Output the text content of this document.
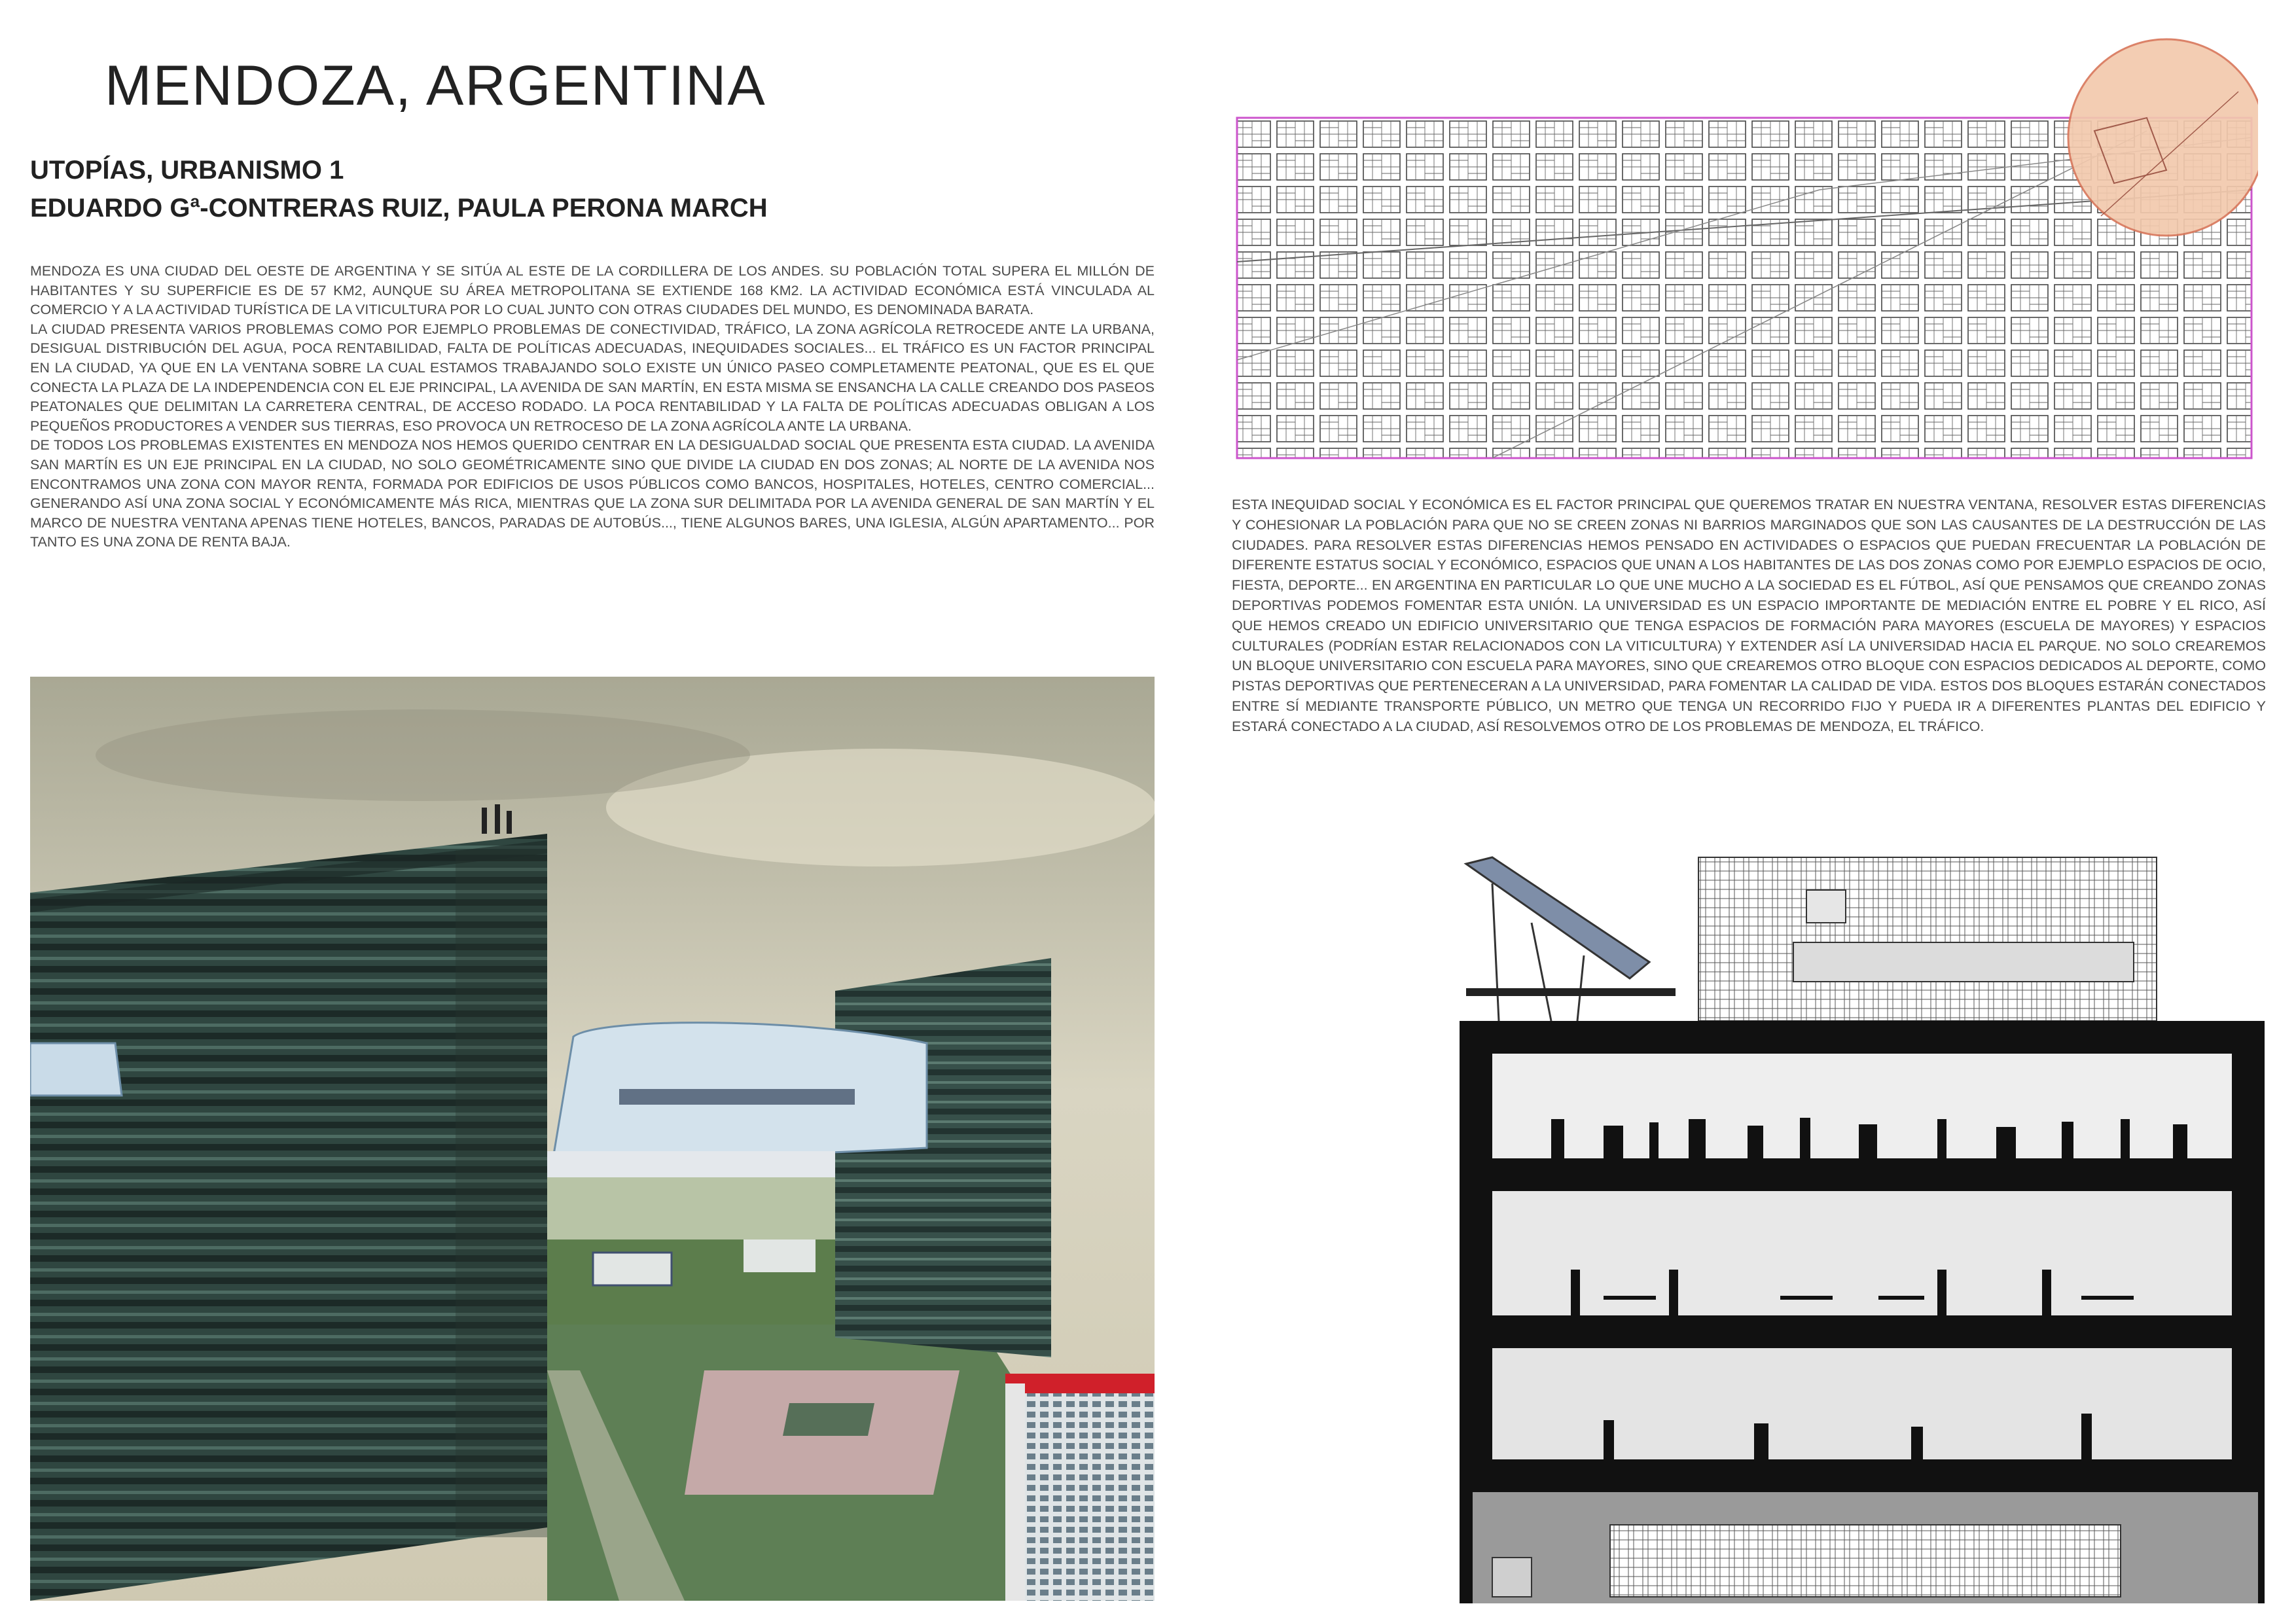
MENDOZA, ARGENTINA
UTOPÍAS, URBANISMO 1
EDUARDO Gª-CONTRERAS RUIZ, PAULA PERONA MARCH

MENDOZA ES UNA CIUDAD DEL OESTE DE ARGENTINA Y SE SITÚA AL ESTE DE LA CORDILLERA DE LOS ANDES. SU POBLACIÓN TOTAL SUPERA EL MILLÓN DE HABITANTES Y SU SUPERFICIE ES DE 57 KM2, AUNQUE SU ÁREA METROPOLITANA SE EXTIENDE 168 KM2. LA ACTIVIDAD ECONÓMICA ESTÁ VINCULADA AL COMERCIO Y A LA ACTIVIDAD TURÍSTICA DE LA VITICULTURA POR LO CUAL JUNTO CON OTRAS CIUDADES DEL MUNDO, ES DENOMINADA BARATA.

LA CIUDAD PRESENTA VARIOS PROBLEMAS COMO POR EJEMPLO PROBLEMAS DE CONECTIVIDAD, TRÁFICO, LA ZONA AGRÍCOLA RETROCEDE ANTE LA URBANA, DESIGUAL DISTRIBUCIÓN DEL AGUA, POCA RENTABILIDAD, FALTA DE POLÍTICAS ADECUADAS, INEQUIDADES SOCIALES... EL TRÁFICO ES UN FACTOR PRINCIPAL EN LA CIUDAD, YA QUE EN LA VENTANA SOBRE LA CUAL ESTAMOS TRABAJANDO SOLO EXISTE UN ÚNICO PASEO COMPLETAMENTE PEATONAL, QUE ES EL QUE CONECTA LA PLAZA DE LA INDEPENDENCIA CON EL EJE PRINCIPAL, LA AVENIDA DE SAN MARTÍN, EN ESTA MISMA SE ENSANCHA LA CALLE CREANDO DOS PASEOS PEATONALES QUE DELIMITAN LA CARRETERA CENTRAL, DE ACCESO RODADO. LA POCA RENTABILIDAD Y LA FALTA DE POLÍTICAS ADECUADAS OBLIGAN A LOS PEQUEÑOS PRODUCTORES A VENDER SUS TIERRAS, ESO PROVOCA UN RETROCESO DE LA ZONA AGRÍCOLA ANTE LA URBANA.

DE TODOS LOS PROBLEMAS EXISTENTES EN MENDOZA NOS HEMOS QUERIDO CENTRAR EN LA DESIGUALDAD SOCIAL QUE PRESENTA ESTA CIUDAD. LA AVENIDA SAN MARTÍN ES UN EJE PRINCIPAL EN LA CIUDAD, NO SOLO GEOMÉTRICAMENTE SINO QUE DIVIDE LA CIUDAD EN DOS ZONAS; AL NORTE DE LA AVENIDA NOS ENCONTRAMOS UNA ZONA CON MAYOR RENTA, FORMADA POR EDIFICIOS DE USOS PÚBLICOS COMO BANCOS, HOSPITALES, HOTELES, CENTRO COMERCIAL... GENERANDO ASÍ UNA ZONA SOCIAL Y ECONÓMICAMENTE MÁS RICA, MIENTRAS QUE LA ZONA SUR DELIMITADA POR LA AVENIDA GENERAL DE SAN MARTÍN Y EL MARCO DE NUESTRA VENTANA APENAS TIENE HOTELES, BANCOS, PARADAS DE AUTOBÚS..., TIENE ALGUNOS BARES, UNA IGLESIA, ALGÚN APARTAMENTO... POR TANTO ES UNA ZONA DE RENTA BAJA.

ESTA INEQUIDAD SOCIAL Y ECONÓMICA ES EL FACTOR PRINCIPAL QUE QUEREMOS TRATAR EN NUESTRA VENTANA, RESOLVER ESTAS DIFERENCIAS Y COHESIONAR LA POBLACIÓN PARA QUE NO SE CREEN ZONAS NI BARRIOS MARGINADOS QUE SON LAS CAUSANTES DE LA DESTRUCCIÓN DE LAS CIUDADES. PARA RESOLVER ESTAS DIFERENCIAS HEMOS PENSADO EN ACTIVIDADES O ESPACIOS QUE PUEDAN FRECUENTAR LA POBLACIÓN DE DIFERENTE ESTATUS SOCIAL Y ECONÓMICO, ESPACIOS QUE UNAN A LOS HABITANTES DE LAS DOS ZONAS COMO POR EJEMPLO ESPACIOS DE OCIO, FIESTA, DEPORTE... EN ARGENTINA EN PARTICULAR LO QUE UNE MUCHO A LA SOCIEDAD ES EL FÚTBOL, ASÍ QUE PENSAMOS QUE CREANDO ZONAS DEPORTIVAS PODEMOS FOMENTAR ESTA UNIÓN. LA UNIVERSIDAD ES UN ESPACIO IMPORTANTE DE MEDIACIÓN ENTRE EL POBRE Y EL RICO, ASÍ QUE HEMOS CREADO UN EDIFICIO UNIVERSITARIO QUE TENGA ESPACIOS DE FORMACIÓN PARA MAYORES (ESCUELA DE MAYORES) Y ESPACIOS CULTURALES (PODRÍAN ESTAR RELACIONADOS CON LA VITICULTURA) Y EXTENDER ASÍ LA UNIVERSIDAD HACIA EL PARQUE. NO SOLO CREAREMOS UN BLOQUE UNIVERSITARIO CON ESCUELA PARA MAYORES, SINO QUE CREAREMOS OTRO BLOQUE CON ESPACIOS DEDICADOS AL DEPORTE, COMO PISTAS DEPORTIVAS QUE PERTENECERAN A LA UNIVERSIDAD, PARA FOMENTAR LA CALIDAD DE VIDA. ESTOS DOS BLOQUES ESTARÁN CONECTADOS ENTRE SÍ MEDIANTE TRANSPORTE PÚBLICO, UN METRO QUE TENGA UN RECORRIDO FIJO Y PUEDA IR A DIFERENTES PLANTAS DEL EDIFICIO Y ESTARÁ CONECTADO A LA CIUDAD, ASÍ RESOLVEMOS OTRO DE LOS PROBLEMAS DE MENDOZA, EL TRÁFICO.
